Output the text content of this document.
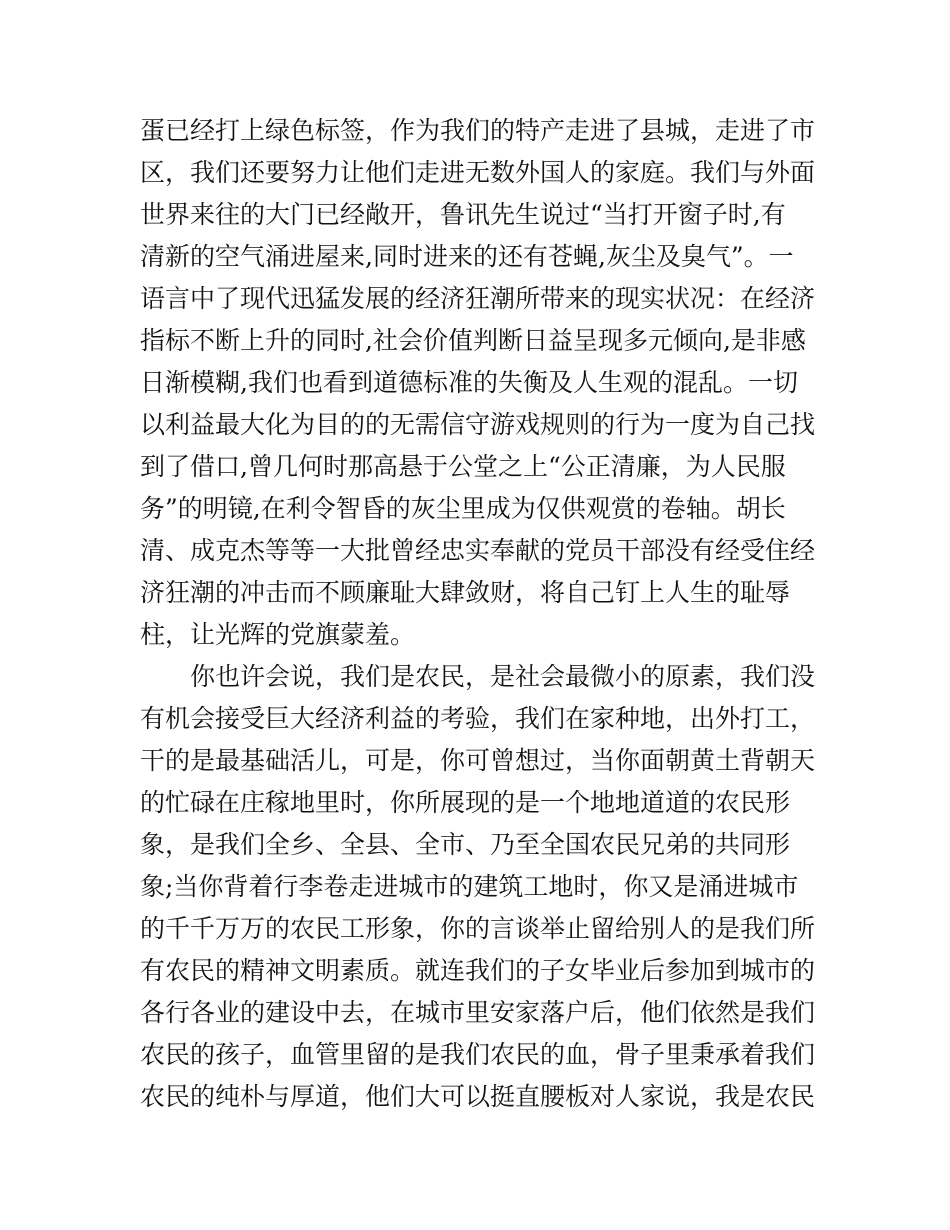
蛋已经打上绿色标签，作为我们的特产走进了县城，走进了市
区，我们还要努力让他们走进无数外国人的家庭。我们与外面
世界来往的大门已经敞开，鲁讯先生说过“当打开窗子时,有
清新的空气涌进屋来,同时进来的还有苍蝇,灰尘及臭气”。一
语言中了现代迅猛发展的经济狂潮所带来的现实状况：在经济
指标不断上升的同时,社会价值判断日益呈现多元倾向,是非感
日渐模糊,我们也看到道德标准的失衡及人生观的混乱。一切
以利益最大化为目的的无需信守游戏规则的行为一度为自己找
到了借口,曾几何时那高悬于公堂之上“公正清廉，为人民服
务”的明镜,在利令智昏的灰尘里成为仅供观赏的卷轴。胡长
清、成克杰等等一大批曾经忠实奉献的党员干部没有经受住经
济狂潮的冲击而不顾廉耻大肆敛财，将自己钉上人生的耻辱
柱，让光辉的党旗蒙羞。
　　你也许会说，我们是农民，是社会最微小的原素，我们没
有机会接受巨大经济利益的考验，我们在家种地，出外打工，
干的是最基础活儿，可是，你可曾想过，当你面朝黄土背朝天
的忙碌在庄稼地里时，你所展现的是一个地地道道的农民形
象，是我们全乡、全县、全市、乃至全国农民兄弟的共同形
象;当你背着行李卷走进城市的建筑工地时，你又是涌进城市
的千千万万的农民工形象，你的言谈举止留给别人的是我们所
有农民的精神文明素质。就连我们的子女毕业后参加到城市的
各行各业的建设中去，在城市里安家落户后，他们依然是我们
农民的孩子，血管里留的是我们农民的血，骨子里秉承着我们
农民的纯朴与厚道，他们大可以挺直腰板对人家说，我是农民
